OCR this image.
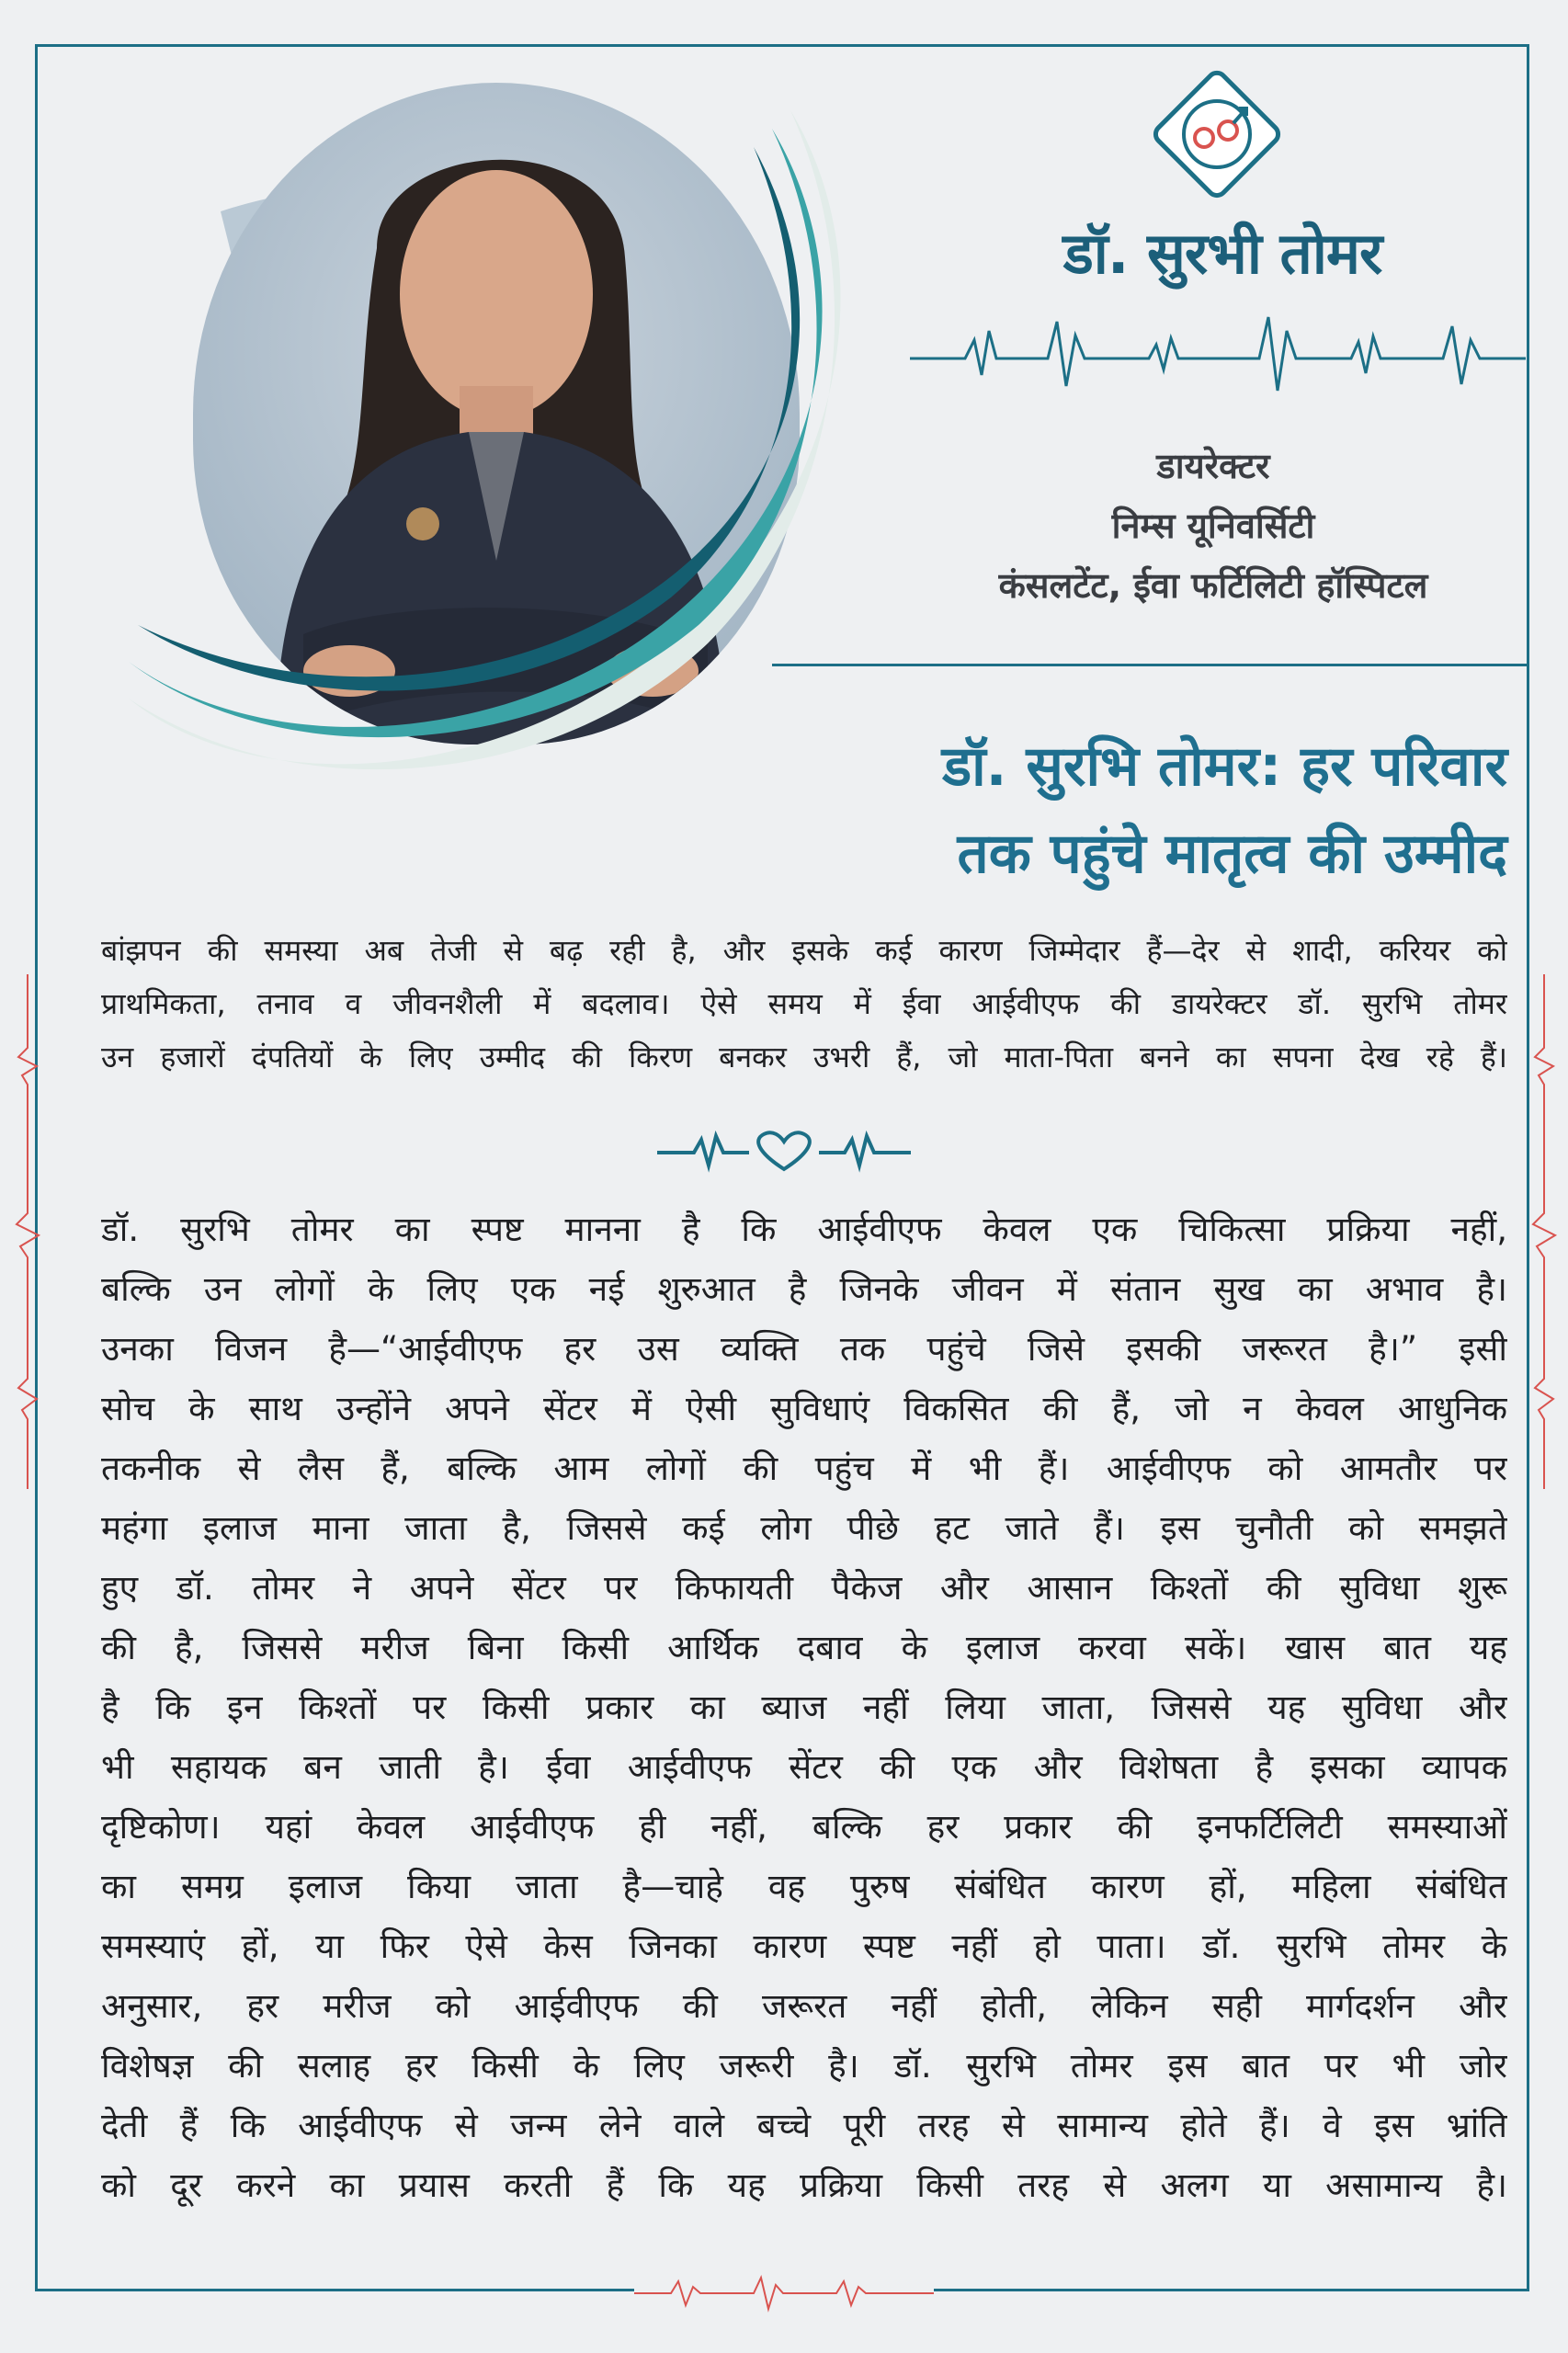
डॉ. सुरभी तोमर
डायरेक्टर
निम्स यूनिवर्सिटी
कंसलटेंट, ईवा फर्टिलिटी हॉस्पिटल
डॉ. सुरभि तोमर: हर परिवार
तक पहुंचे मातृत्व की उम्मीद
बांझपन की समस्या अब तेजी से बढ़ रही है, और इसके कई कारण जिम्मेदार हैं—देर से शादी, करियर को
प्राथमिकता, तनाव व जीवनशैली में बदलाव। ऐसे समय में ईवा आईवीएफ की डायरेक्टर डॉ. सुरभि तोमर
उन हजारों दंपतियों के लिए उम्मीद की किरण बनकर उभरी हैं, जो माता-पिता बनने का सपना देख रहे हैं।
डॉ. सुरभि तोमर का स्पष्ट मानना है कि आईवीएफ केवल एक चिकित्सा प्रक्रिया नहीं,
बल्कि उन लोगों के लिए एक नई शुरुआत है जिनके जीवन में संतान सुख का अभाव है।
उनका विजन है—“आईवीएफ हर उस व्यक्ति तक पहुंचे जिसे इसकी जरूरत है।” इसी
सोच के साथ उन्होंने अपने सेंटर में ऐसी सुविधाएं विकसित की हैं, जो न केवल आधुनिक
तकनीक से लैस हैं, बल्कि आम लोगों की पहुंच में भी हैं। आईवीएफ को आमतौर पर
महंगा इलाज माना जाता है, जिससे कई लोग पीछे हट जाते हैं। इस चुनौती को समझते
हुए डॉ. तोमर ने अपने सेंटर पर किफायती पैकेज और आसान किश्तों की सुविधा शुरू
की है, जिससे मरीज बिना किसी आर्थिक दबाव के इलाज करवा सकें। खास बात यह
है कि इन किश्तों पर किसी प्रकार का ब्याज नहीं लिया जाता, जिससे यह सुविधा और
भी सहायक बन जाती है। ईवा आईवीएफ सेंटर की एक और विशेषता है इसका व्यापक
दृष्टिकोण। यहां केवल आईवीएफ ही नहीं, बल्कि हर प्रकार की इनफर्टिलिटी समस्याओं
का समग्र इलाज किया जाता है—चाहे वह पुरुष संबंधित कारण हों, महिला संबंधित
समस्याएं हों, या फिर ऐसे केस जिनका कारण स्पष्ट नहीं हो पाता। डॉ. सुरभि तोमर के
अनुसार, हर मरीज को आईवीएफ की जरूरत नहीं होती, लेकिन सही मार्गदर्शन और
विशेषज्ञ की सलाह हर किसी के लिए जरूरी है। डॉ. सुरभि तोमर इस बात पर भी जोर
देती हैं कि आईवीएफ से जन्म लेने वाले बच्चे पूरी तरह से सामान्य होते हैं। वे इस भ्रांति
को दूर करने का प्रयास करती हैं कि यह प्रक्रिया किसी तरह से अलग या असामान्य है।
